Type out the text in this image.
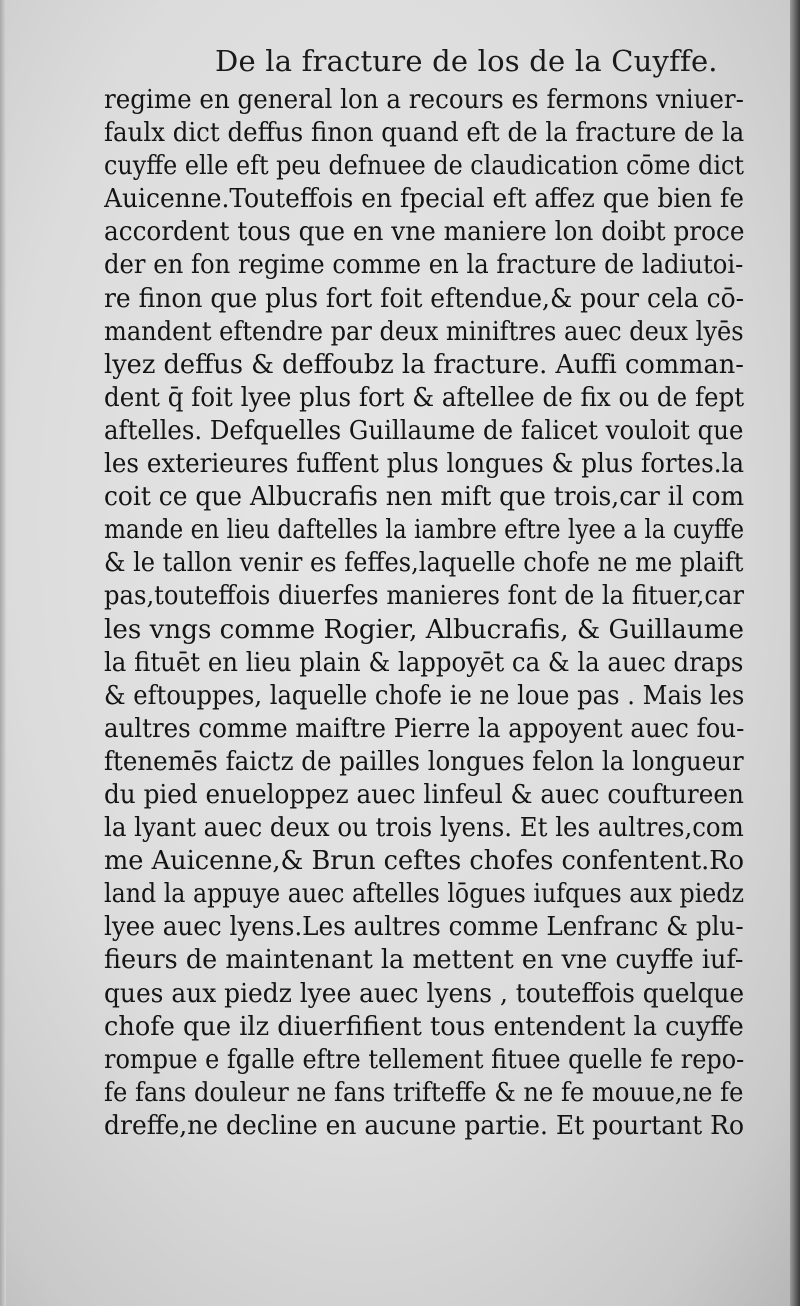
De la fracture de los de la Cuyffe.
regime en general lon a recours es fermons vniuer-
faulx dict deffus finon quand eft de la fracture de la
cuyffe elle eft peu defnuee de claudication cōme dict
Auicenne.Touteffois en fpecial eft affez que bien fe
accordent tous que en vne maniere lon doibt proce
der en fon regime comme en la fracture de ladiutoi-
re finon que plus fort foit eftendue,& pour cela cō-
mandent eftendre par deux miniftres auec deux lyēs
lyez deffus & deffoubz la fracture. Auffi comman-
dent q̄ foit lyee plus fort & aftellee de fix ou de fept
aftelles. Defquelles Guillaume de falicet vouloit que
les exterieures fuffent plus longues & plus fortes.la
coit ce que Albucrafis nen mift que trois,car il com
mande en lieu daftelles la iambre eftre lyee a la cuyffe
& le tallon venir es feffes,laquelle chofe ne me plaift
pas,touteffois diuerfes manieres font de la fituer,car
les vngs comme Rogier, Albucrafis, & Guillaume
la fituēt en lieu plain & lappoyēt ca & la auec draps
& eftouppes, laquelle chofe ie ne loue pas . Mais les
aultres comme maiftre Pierre la appoyent auec fou-
ftenemēs faictz de pailles longues felon la longueur
du pied enueloppez auec linfeul & auec couftureen
la lyant auec deux ou trois lyens. Et les aultres,com
me Auicenne,& Brun ceftes chofes confentent.Ro
land la appuye auec aftelles lōgues iufques aux piedz
lyee auec lyens.Les aultres comme Lenfranc & plu-
fieurs de maintenant la mettent en vne cuyffe iuf-
ques aux piedz lyee auec lyens , touteffois quelque
chofe que ilz diuerfifient tous entendent la cuyffe
rompue e fgalle eftre tellement fituee quelle fe repo-
fe fans douleur ne fans trifteffe & ne fe mouue,ne fe
dreffe,ne decline en aucune partie. Et pourtant Ro
